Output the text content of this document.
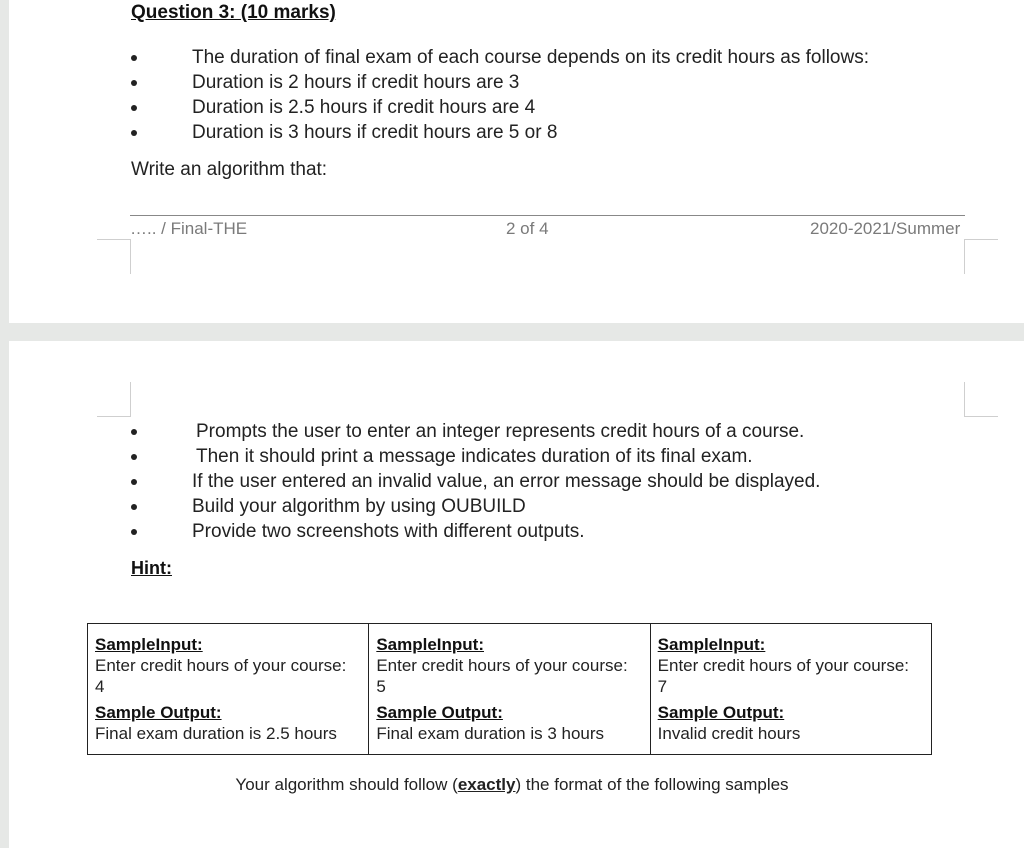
Question 3: (10 marks)
The duration of final exam of each course depends on its credit hours as follows:
Duration is 2 hours if credit hours are 3
Duration is 2.5 hours if credit hours are 4
Duration is 3 hours if credit hours are 5 or 8
Write an algorithm that:
….. / Final-THE	2 of 4	2020-2021/Summer
Prompts the user to enter an integer represents credit hours of a course.
Then it should print a message indicates duration of its final exam.
If the user entered an invalid value, an error message should be displayed.
Build your algorithm by using OUBUILD
Provide two screenshots with different outputs.
Hint:
SampleInput:
Enter credit hours of your course:
4
Sample Output:
Final exam duration is 2.5 hours

SampleInput:
Enter credit hours of your course:
5
Sample Output:
Final exam duration is 3 hours

SampleInput:
Enter credit hours of your course:
7
Sample Output:
Invalid credit hours
Your algorithm should follow (exactly) the format of the following samples
